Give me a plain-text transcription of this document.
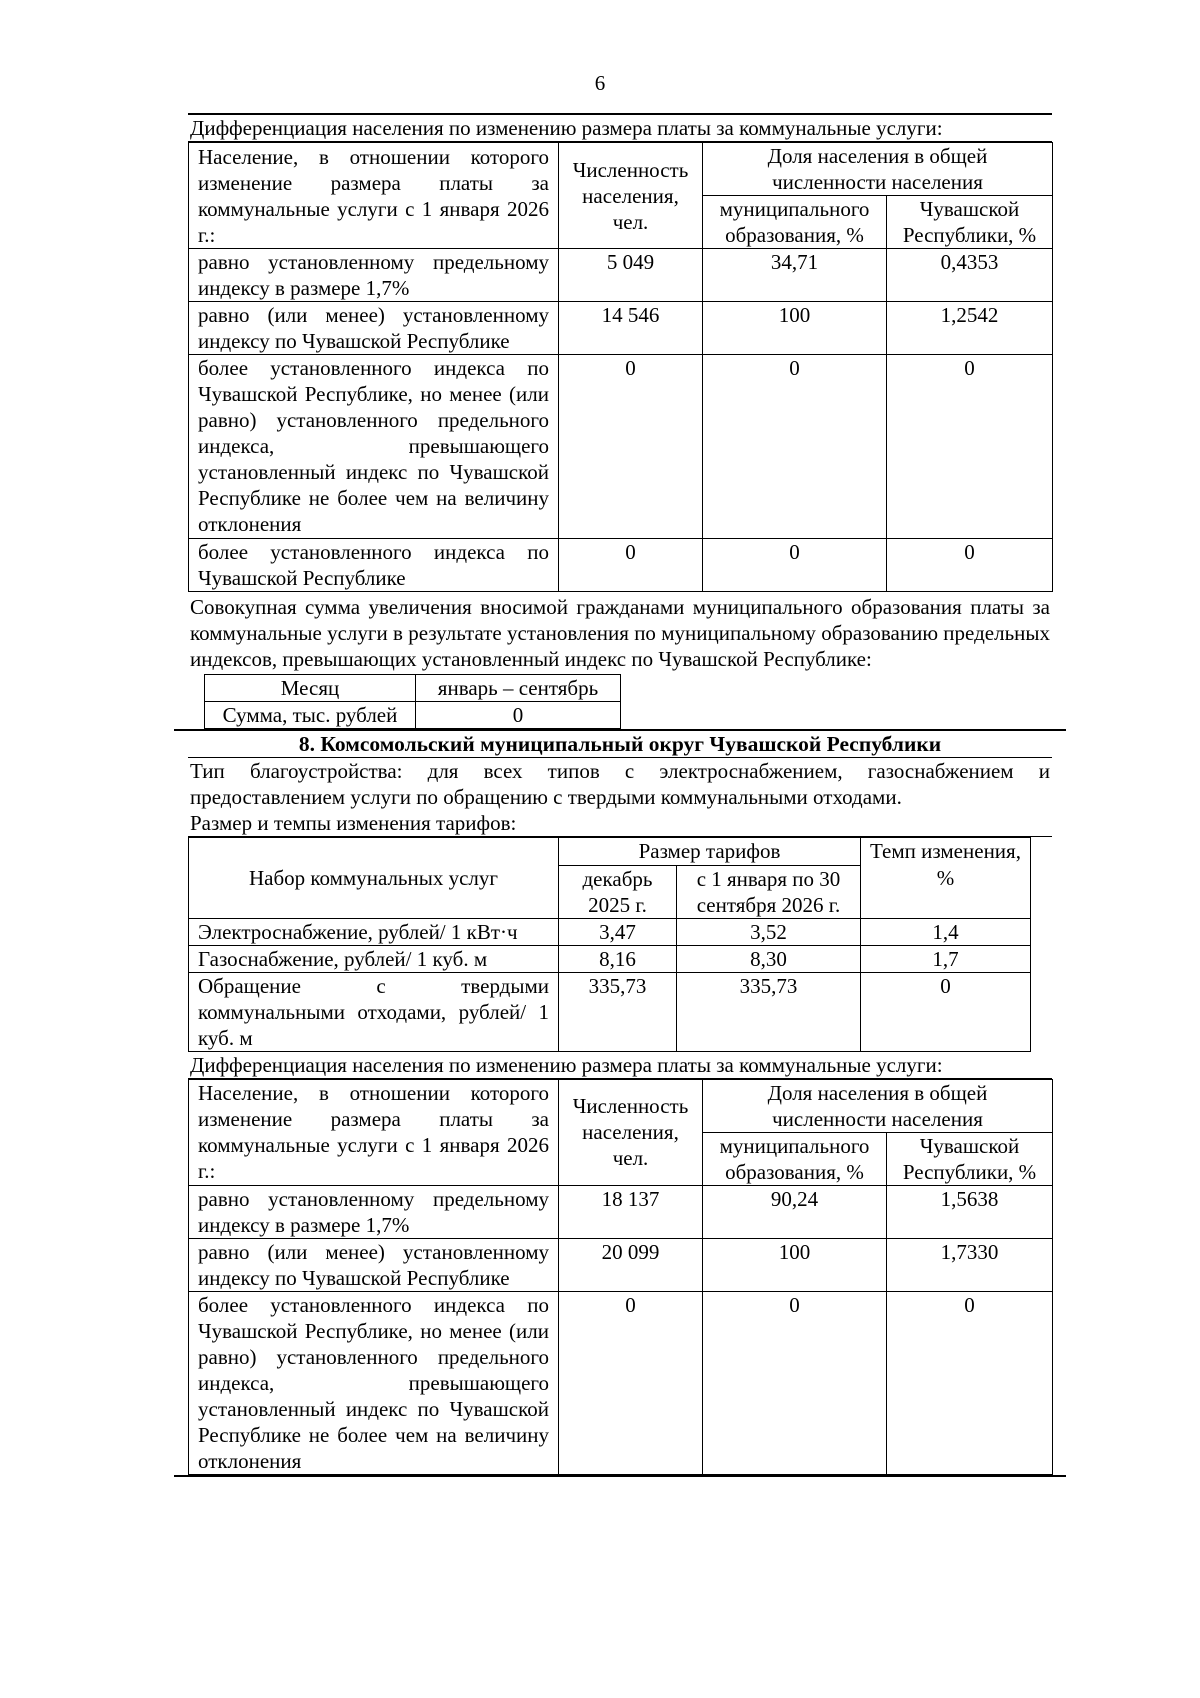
6
Дифференциация населения по изменению размера платы за коммунальные услуги:
Население, в отношении которого изменение размера платы за коммунальные услуги с 1 января 2026 г.:	Численность населения, чел.	Доля населения в общей численности населения	
		муниципального образования, %	Чувашской Республики, %
равно установленному предельному индексу в размере 1,7%	5 049	34,71	0,4353
равно (или менее) установленному индексу по Чувашской Республике	14 546	100	1,2542
более установленного индекса по Чувашской Республике, но менее (или равно) установленного предельного индекса, превышающего установленный индекс по Чувашской Республике не более чем на величину отклонения	0	0	0
более установленного индекса по Чувашской Республике	0	0	0
Совокупная сумма увеличения вносимой гражданами муниципального образования платы за коммунальные услуги в результате установления по муниципальному образованию предельных индексов, превышающих установленный индекс по Чувашской Республике:
Месяц	январь – сентябрь
Сумма, тыс. рублей	0
8. Комсомольский муниципальный округ Чувашской Республики
Тип благоустройства: для всех типов с электроснабжением, газоснабжением и предоставлением услуги по обращению с твердыми коммунальными отходами.
Размер и темпы изменения тарифов:
Набор коммунальных услуг	Размер тарифов		Темп изменения, %
	декабрь 2025 г.	с 1 января по 30 сентября 2026 г.	
Электроснабжение, рублей/ 1 кВт·ч	3,47	3,52	1,4
Газоснабжение, рублей/ 1 куб. м	8,16	8,30	1,7
Обращение с твердыми коммунальными отходами, рублей/ 1 куб. м	335,73	335,73	0
Дифференциация населения по изменению размера платы за коммунальные услуги:
Население, в отношении которого изменение размера платы за коммунальные услуги с 1 января 2026 г.:	Численность населения, чел.	Доля населения в общей численности населения	
		муниципального образования, %	Чувашской Республики, %
равно установленному предельному индексу в размере 1,7%	18 137	90,24	1,5638
равно (или менее) установленному индексу по Чувашской Республике	20 099	100	1,7330
более установленного индекса по Чувашской Республике, но менее (или равно) установленного предельного индекса, превышающего установленный индекс по Чувашской Республике не более чем на величину отклонения	0	0	0
